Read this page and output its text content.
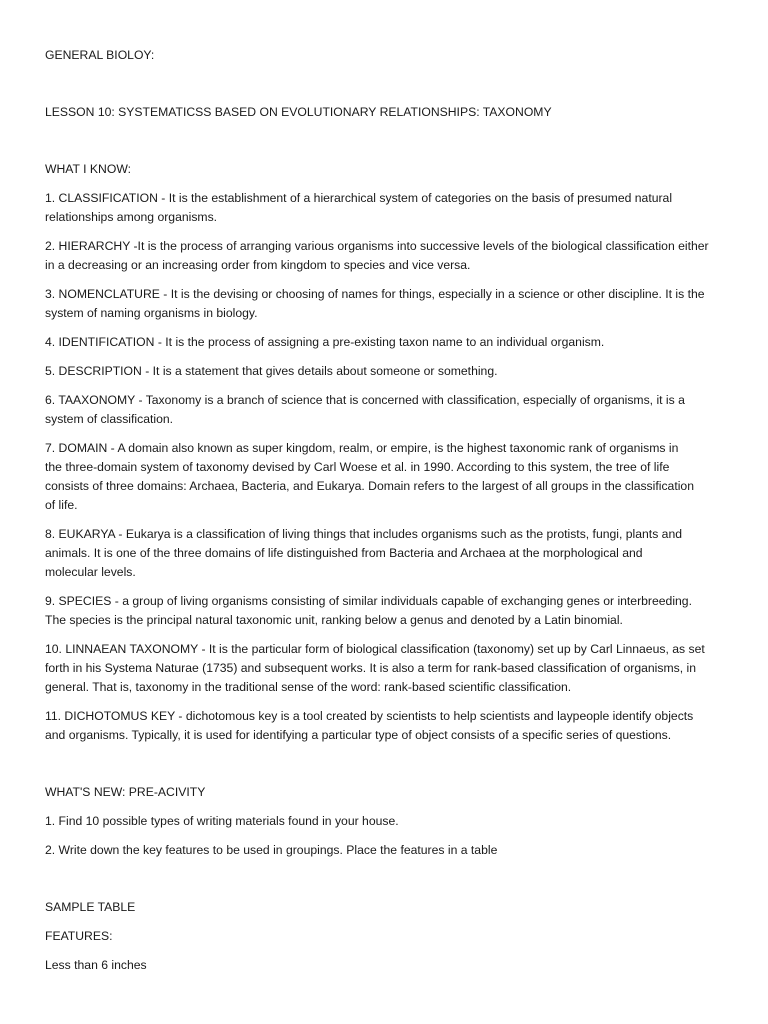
GENERAL BIOLOY:

LESSON 10: SYSTEMATICSS BASED ON EVOLUTIONARY RELATIONSHIPS: TAXONOMY

WHAT I KNOW:

1. CLASSIFICATION - It is the establishment of a hierarchical system of categories on the basis of presumed natural

relationships among organisms.

2. HIERARCHY -It is the process of arranging various organisms into successive levels of the biological classification either

in a decreasing or an increasing order from kingdom to species and vice versa.

3. NOMENCLATURE - It is the devising or choosing of names for things, especially in a science or other discipline. It is the

system of naming organisms in biology.

4. IDENTIFICATION - It is the process of assigning a pre-existing taxon name to an individual organism.

5. DESCRIPTION - It is a statement that gives details about someone or something.

6. TAAXONOMY - Taxonomy is a branch of science that is concerned with classification, especially of organisms, it is a

system of classification.

7. DOMAIN - A domain also known as super kingdom, realm, or empire, is the highest taxonomic rank of organisms in

the three-domain system of taxonomy devised by Carl Woese et al. in 1990. According to this system, the tree of life

consists of three domains: Archaea, Bacteria, and Eukarya. Domain refers to the largest of all groups in the classification

of life.

8. EUKARYA - Eukarya is a classification of living things that includes organisms such as the protists, fungi, plants and

animals. It is one of the three domains of life distinguished from Bacteria and Archaea at the morphological and

molecular levels.

9. SPECIES - a group of living organisms consisting of similar individuals capable of exchanging genes or interbreeding.

The species is the principal natural taxonomic unit, ranking below a genus and denoted by a Latin binomial.

10. LINNAEAN TAXONOMY - It is the particular form of biological classification (taxonomy) set up by Carl Linnaeus, as set

forth in his Systema Naturae (1735) and subsequent works. It is also a term for rank-based classification of organisms, in

general. That is, taxonomy in the traditional sense of the word: rank-based scientific classification.

11. DICHOTOMUS KEY - dichotomous key is a tool created by scientists to help scientists and laypeople identify objects

and organisms. Typically, it is used for identifying a particular type of object consists of a specific series of questions.

WHAT'S NEW: PRE-ACIVITY

1. Find 10 possible types of writing materials found in your house.

2. Write down the key features to be used in groupings. Place the features in a table

SAMPLE TABLE

FEATURES:

Less than 6 inches
